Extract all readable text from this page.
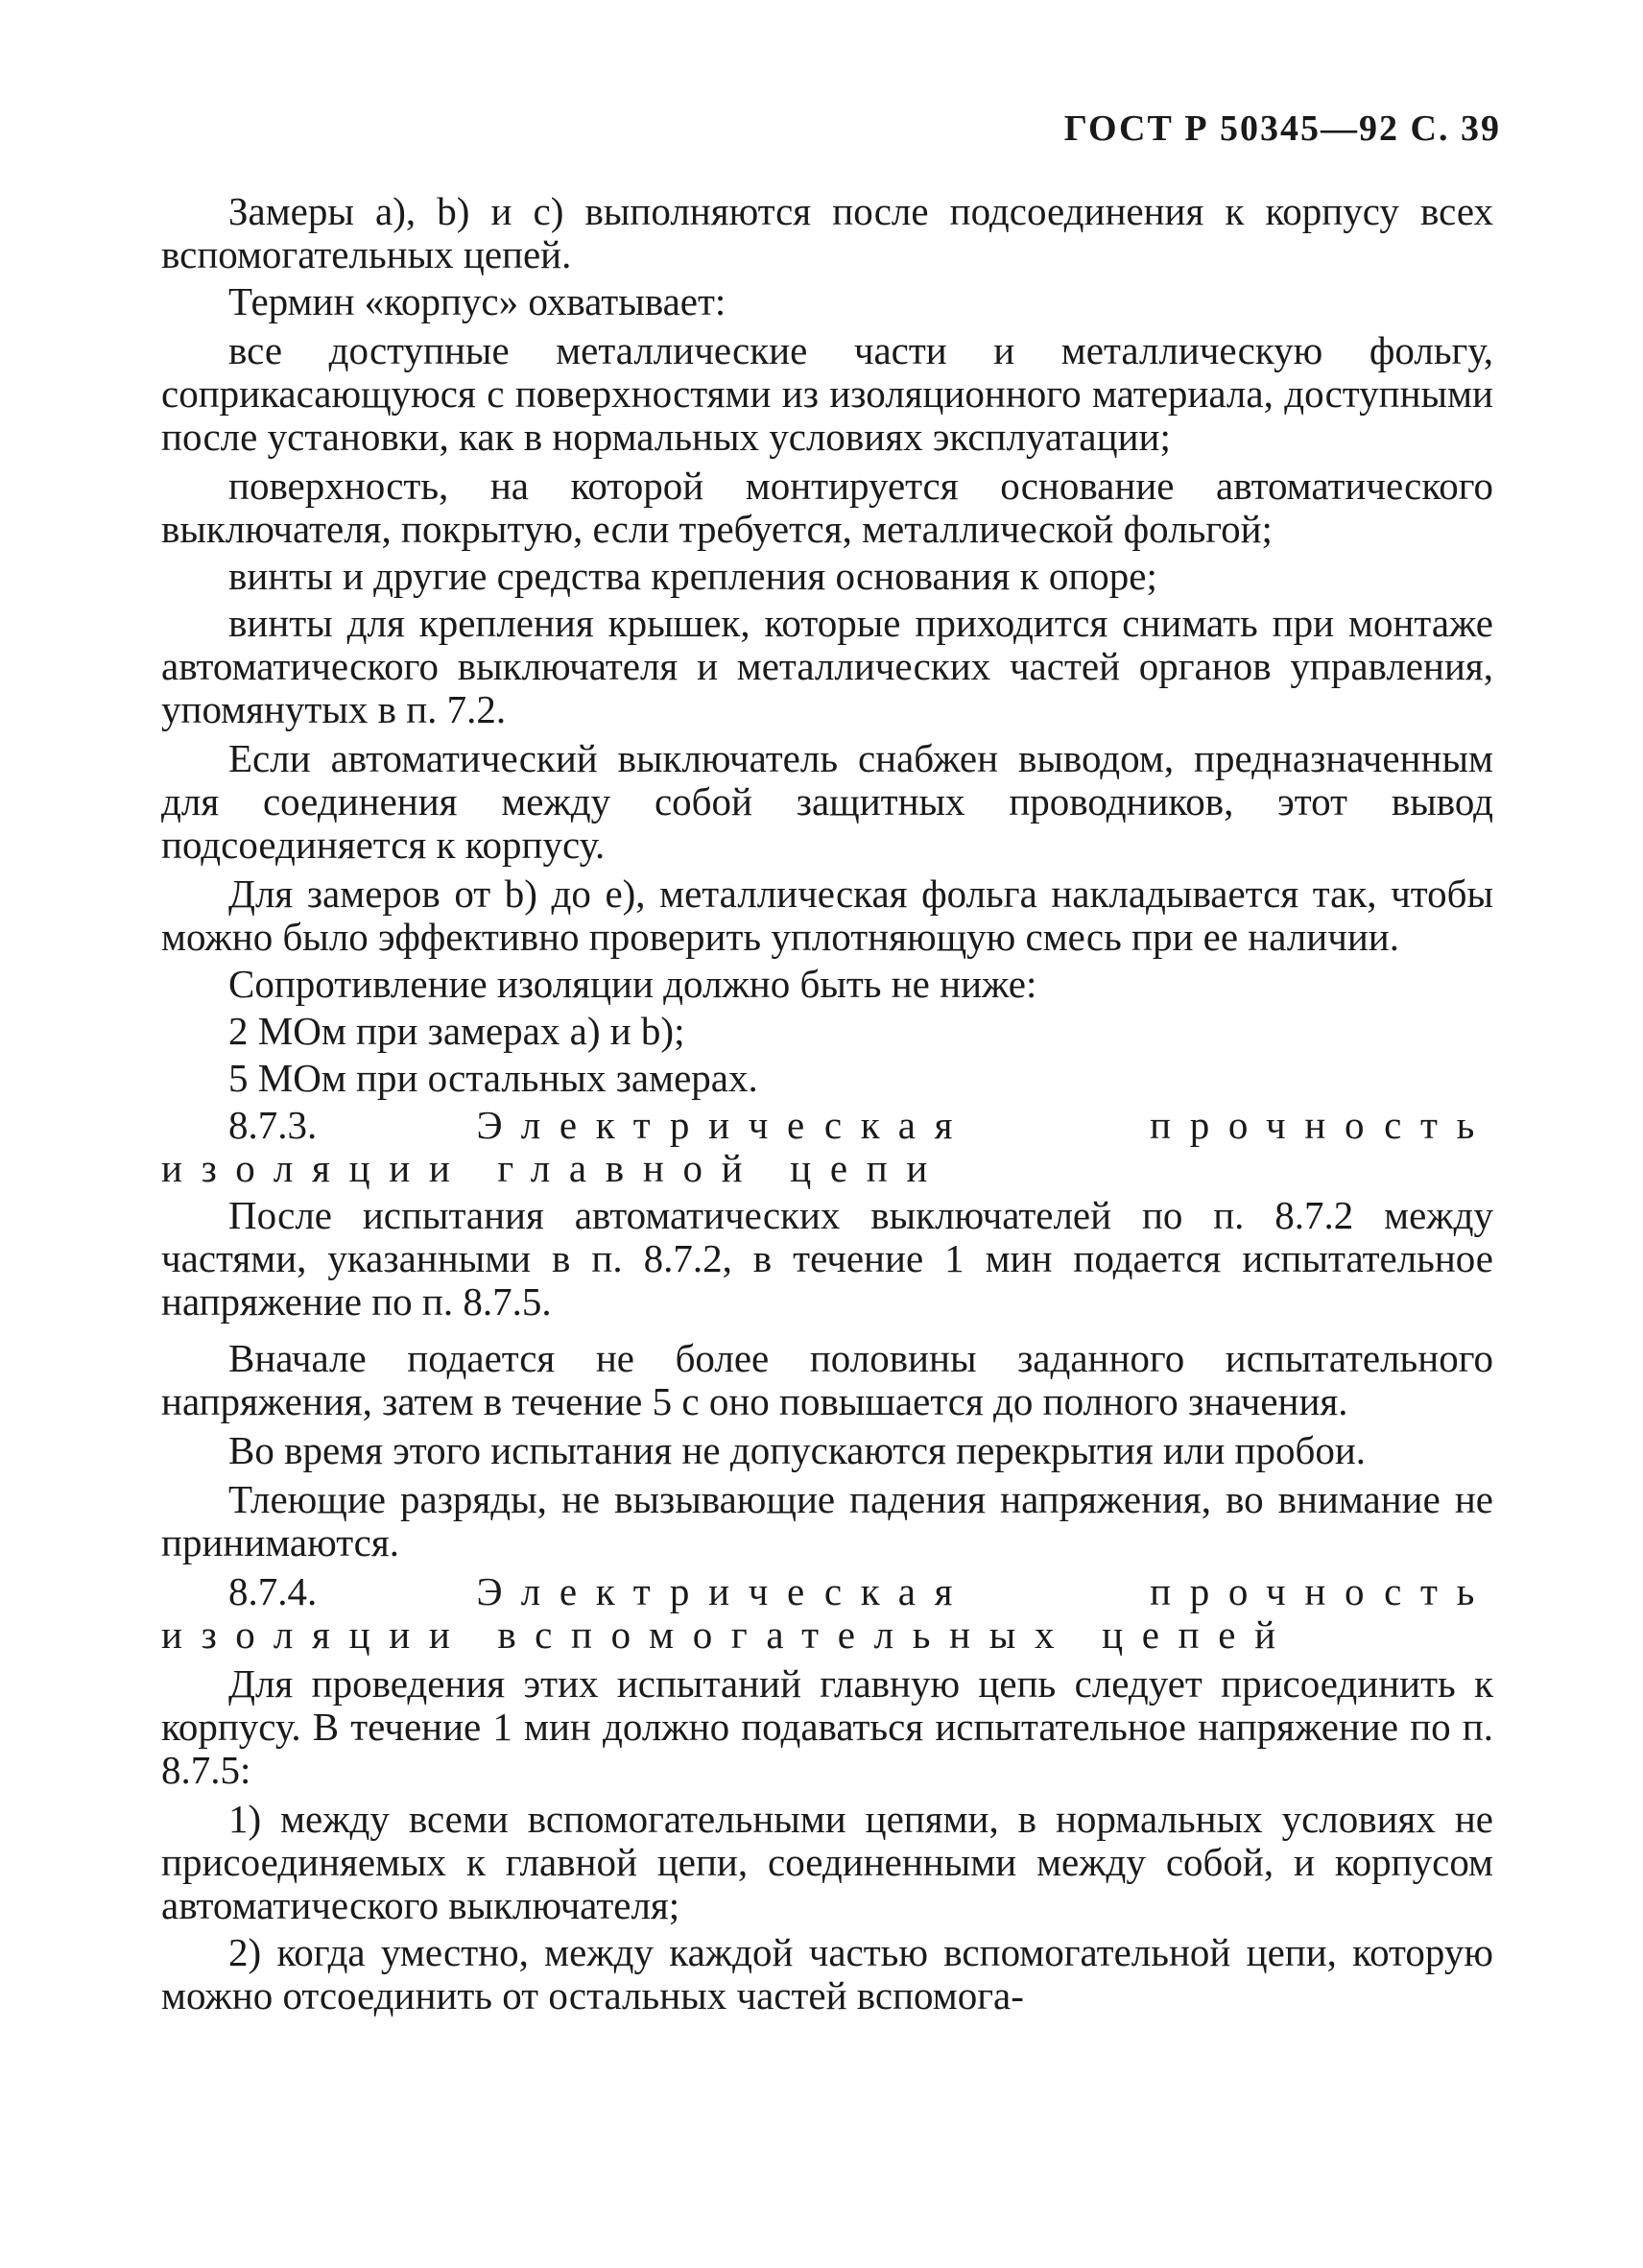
ГОСТ Р 50345—92 С. 39

Замеры a), b) и c) выполняются после подсоединения к корпусу всех вспомогательных цепей.

Термин «корпус» охватывает:

все доступные металлические части и металлическую фольгу, соприкасающуюся с поверхностями из изоляционного материала, доступными после установки, как в нормальных условиях эксплуатации;

поверхность, на которой монтируется основание автоматического выключателя, покрытую, если требуется, металлической фольгой;

винты и другие средства крепления основания к опоре;

винты для крепления крышек, которые приходится снимать при монтаже автоматического выключателя и металлических частей органов управления, упомянутых в п. 7.2.

Если автоматический выключатель снабжен выводом, предназначенным для соединения между собой защитных проводников, этот вывод подсоединяется к корпусу.

Для замеров от b) до e), металлическая фольга накладывается так, чтобы можно было эффективно проверить уплотняющую смесь при ее наличии.

Сопротивление изоляции должно быть не ниже:

2 МОм при замерах a) и b);

5 МОм при остальных замерах.

8.7.3.	Электрическая прочность изоляции главной цепи

После испытания автоматических выключателей по п. 8.7.2 между частями, указанными в п. 8.7.2, в течение 1 мин подается испытательное напряжение по п. 8.7.5.

Вначале подается не более половины заданного испытательного напряжения, затем в течение 5 с оно повышается до полного значения.

Во время этого испытания не допускаются перекрытия или пробои.

Тлеющие разряды, не вызывающие падения напряжения, во внимание не принимаются.

8.7.4.	Электрическая прочность изоляции вспомогательных цепей

Для проведения этих испытаний главную цепь следует присоединить к корпусу. В течение 1 мин должно подаваться испытательное напряжение по п. 8.7.5:

1) между всеми вспомогательными цепями, в нормальных условиях не присоединяемых к главной цепи, соединенными между собой, и корпусом автоматического выключателя;

2) когда уместно, между каждой частью вспомогательной цепи, которую можно отсоединить от остальных частей вспомога-
